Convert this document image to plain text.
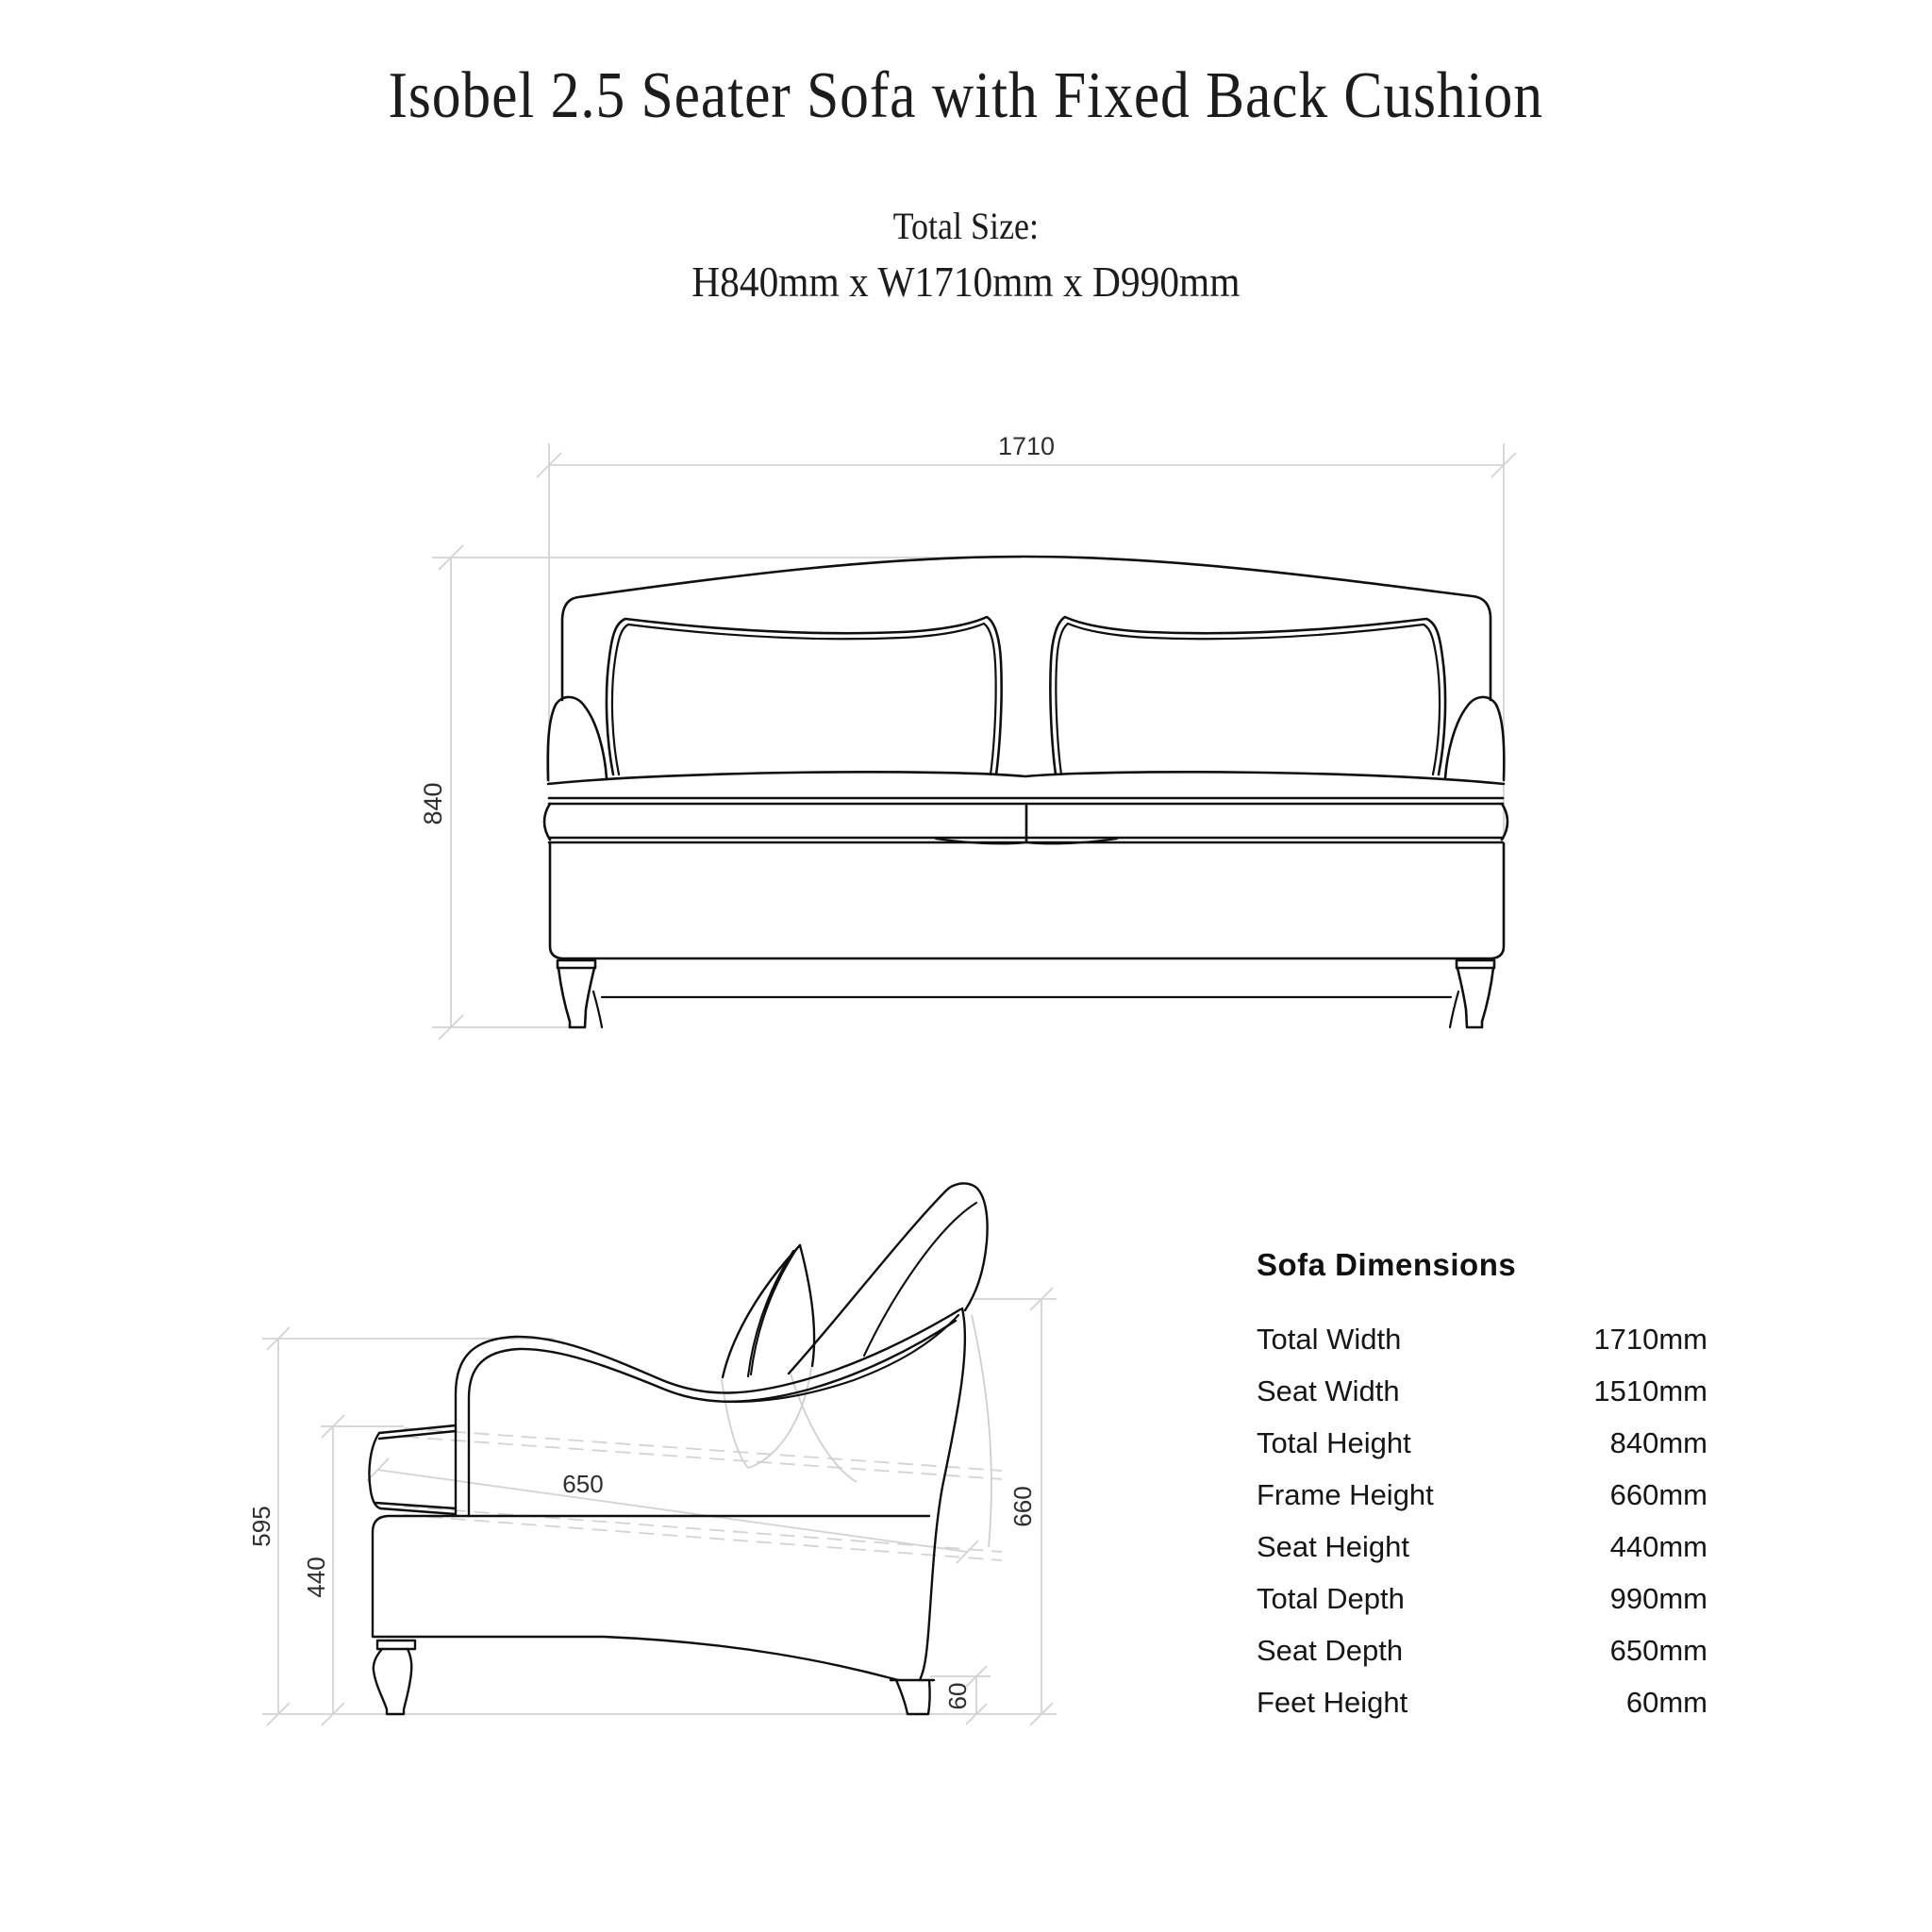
Isobel 2.5 Seater Sofa with Fixed Back Cushion
Total Size:
H840mm x W1710mm x D990mm
1710
840
595
440
650
660
60
Sofa Dimensions
Total Width	1710mm
Seat Width	1510mm
Total Height	840mm
Frame Height	660mm
Seat Height	440mm
Total Depth	990mm
Seat Depth	650mm
Feet Height	60mm
